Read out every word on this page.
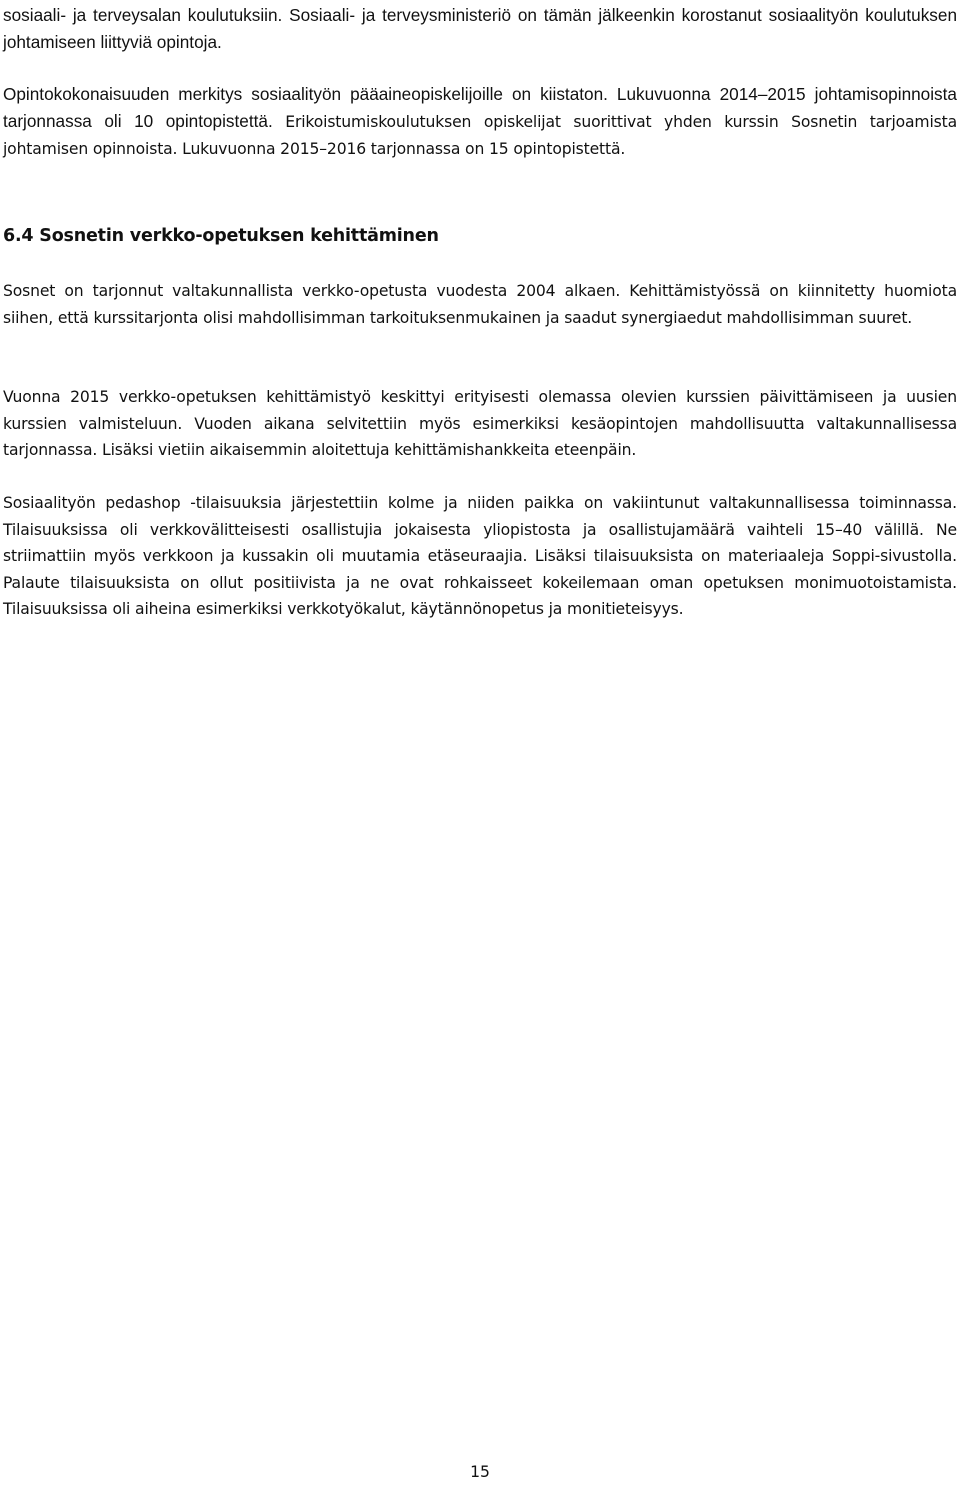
sosiaali- ja terveysalan koulutuksiin. Sosiaali- ja terveysministeriö on tämän jälkeenkin korostanut sosiaalityön koulutuksen johtamiseen liittyviä opintoja.

Opintokokonaisuuden merkitys sosiaalityön pääaineopiskelijoille on kiistaton. Lukuvuonna 2014–2015 johtamisopinnoista tarjonnassa oli 10 opintopistettä. Erikoistumiskoulutuksen opiskelijat suorittivat yhden kurssin Sosnetin tarjoamista johtamisen opinnoista. Lukuvuonna 2015–2016 tarjonnassa on 15 opintopistettä.

6.4 Sosnetin verkko-opetuksen kehittäminen

Sosnet on tarjonnut valtakunnallista verkko-opetusta vuodesta 2004 alkaen. Kehittämistyössä on kiinnitetty huomiota siihen, että kurssitarjonta olisi mahdollisimman tarkoituksenmukainen ja saadut synergiaedut mahdollisimman suuret.

Vuonna 2015 verkko-opetuksen kehittämistyö keskittyi erityisesti olemassa olevien kurssien päivittämiseen ja uusien kurssien valmisteluun. Vuoden aikana selvitettiin myös esimerkiksi kesäopintojen mahdollisuutta valtakunnallisessa tarjonnassa. Lisäksi vietiin aikaisemmin aloitettuja kehittämishankkeita eteenpäin.

Sosiaalityön pedashop -tilaisuuksia järjestettiin kolme ja niiden paikka on vakiintunut valtakunnallisessa toiminnassa. Tilaisuuksissa oli verkkovälitteisesti osallistujia jokaisesta yliopistosta ja osallistujamäärä vaihteli 15–40 välillä. Ne striimattiin myös verkkoon ja kussakin oli muutamia etäseuraajia. Lisäksi tilaisuuksista on materiaaleja Soppi-sivustolla. Palaute tilaisuuksista on ollut positiivista ja ne ovat rohkaisseet kokeilemaan oman opetuksen monimuotoistamista. Tilaisuuksissa oli aiheina esimerkiksi verkkotyökalut, käytännönopetus ja monitieteisyys.

15
